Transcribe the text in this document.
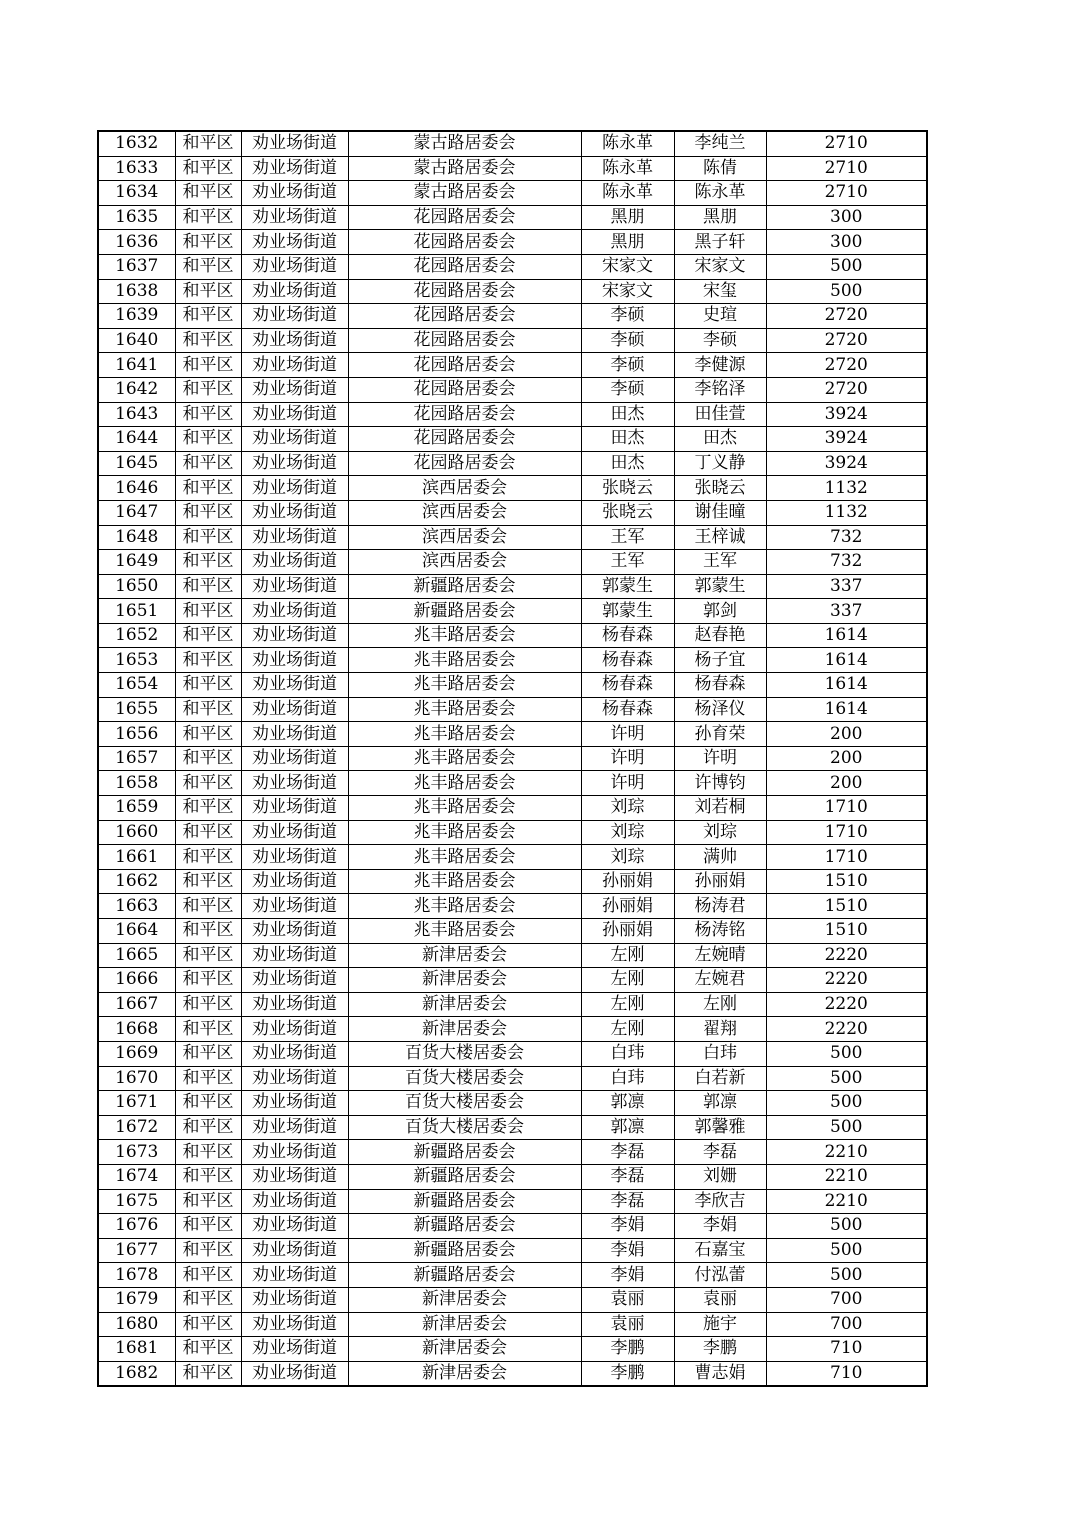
1632	和平区	劝业场街道	蒙古路居委会	陈永革	李纯兰	2710
1633	和平区	劝业场街道	蒙古路居委会	陈永革	陈倩	2710
1634	和平区	劝业场街道	蒙古路居委会	陈永革	陈永革	2710
1635	和平区	劝业场街道	花园路居委会	黑朋	黑朋	300
1636	和平区	劝业场街道	花园路居委会	黑朋	黑子轩	300
1637	和平区	劝业场街道	花园路居委会	宋家文	宋家文	500
1638	和平区	劝业场街道	花园路居委会	宋家文	宋玺	500
1639	和平区	劝业场街道	花园路居委会	李硕	史瑄	2720
1640	和平区	劝业场街道	花园路居委会	李硕	李硕	2720
1641	和平区	劝业场街道	花园路居委会	李硕	李健源	2720
1642	和平区	劝业场街道	花园路居委会	李硕	李铭泽	2720
1643	和平区	劝业场街道	花园路居委会	田杰	田佳萱	3924
1644	和平区	劝业场街道	花园路居委会	田杰	田杰	3924
1645	和平区	劝业场街道	花园路居委会	田杰	丁义静	3924
1646	和平区	劝业场街道	滨西居委会	张晓云	张晓云	1132
1647	和平区	劝业场街道	滨西居委会	张晓云	谢佳曈	1132
1648	和平区	劝业场街道	滨西居委会	王军	王梓诚	732
1649	和平区	劝业场街道	滨西居委会	王军	王军	732
1650	和平区	劝业场街道	新疆路居委会	郭蒙生	郭蒙生	337
1651	和平区	劝业场街道	新疆路居委会	郭蒙生	郭剑	337
1652	和平区	劝业场街道	兆丰路居委会	杨春森	赵春艳	1614
1653	和平区	劝业场街道	兆丰路居委会	杨春森	杨子宜	1614
1654	和平区	劝业场街道	兆丰路居委会	杨春森	杨春森	1614
1655	和平区	劝业场街道	兆丰路居委会	杨春森	杨泽仪	1614
1656	和平区	劝业场街道	兆丰路居委会	许明	孙育荣	200
1657	和平区	劝业场街道	兆丰路居委会	许明	许明	200
1658	和平区	劝业场街道	兆丰路居委会	许明	许博钧	200
1659	和平区	劝业场街道	兆丰路居委会	刘琮	刘若桐	1710
1660	和平区	劝业场街道	兆丰路居委会	刘琮	刘琮	1710
1661	和平区	劝业场街道	兆丰路居委会	刘琮	满帅	1710
1662	和平区	劝业场街道	兆丰路居委会	孙丽娟	孙丽娟	1510
1663	和平区	劝业场街道	兆丰路居委会	孙丽娟	杨涛君	1510
1664	和平区	劝业场街道	兆丰路居委会	孙丽娟	杨涛铭	1510
1665	和平区	劝业场街道	新津居委会	左刚	左婉晴	2220
1666	和平区	劝业场街道	新津居委会	左刚	左婉君	2220
1667	和平区	劝业场街道	新津居委会	左刚	左刚	2220
1668	和平区	劝业场街道	新津居委会	左刚	翟翔	2220
1669	和平区	劝业场街道	百货大楼居委会	白玮	白玮	500
1670	和平区	劝业场街道	百货大楼居委会	白玮	白若新	500
1671	和平区	劝业场街道	百货大楼居委会	郭凛	郭凛	500
1672	和平区	劝业场街道	百货大楼居委会	郭凛	郭馨雅	500
1673	和平区	劝业场街道	新疆路居委会	李磊	李磊	2210
1674	和平区	劝业场街道	新疆路居委会	李磊	刘姗	2210
1675	和平区	劝业场街道	新疆路居委会	李磊	李欣吉	2210
1676	和平区	劝业场街道	新疆路居委会	李娟	李娟	500
1677	和平区	劝业场街道	新疆路居委会	李娟	石嘉宝	500
1678	和平区	劝业场街道	新疆路居委会	李娟	付泓蕾	500
1679	和平区	劝业场街道	新津居委会	袁丽	袁丽	700
1680	和平区	劝业场街道	新津居委会	袁丽	施宇	700
1681	和平区	劝业场街道	新津居委会	李鹏	李鹏	710
1682	和平区	劝业场街道	新津居委会	李鹏	曹志娟	710
